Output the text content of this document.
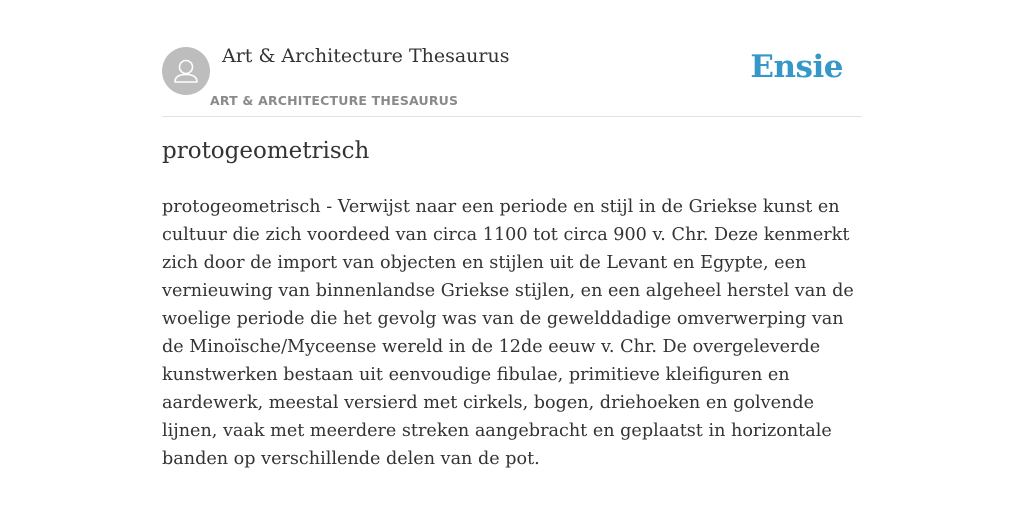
Art & Architecture Thesaurus
ART & ARCHITECTURE THESAURUS
Ensie
protogeometrisch

protogeometrisch - Verwijst naar een periode en stijl in de Griekse kunst en cultuur die zich voordeed van circa 1100 tot circa 900 v. Chr. Deze kenmerkt zich door de import van objecten en stijlen uit de Levant en Egypte, een vernieuwing van binnenlandse Griekse stijlen, en een algeheel herstel van de woelige periode die het gevolg was van de gewelddadige omverwerping van de Minoïsche/Myceense wereld in de 12de eeuw v. Chr. De overgeleverde kunstwerken bestaan uit eenvoudige fibulae, primitieve kleifiguren en aardewerk, meestal versierd met cirkels, bogen, driehoeken en golvende lijnen, vaak met meerdere streken aangebracht en geplaatst in horizontale banden op verschillende delen van de pot.
